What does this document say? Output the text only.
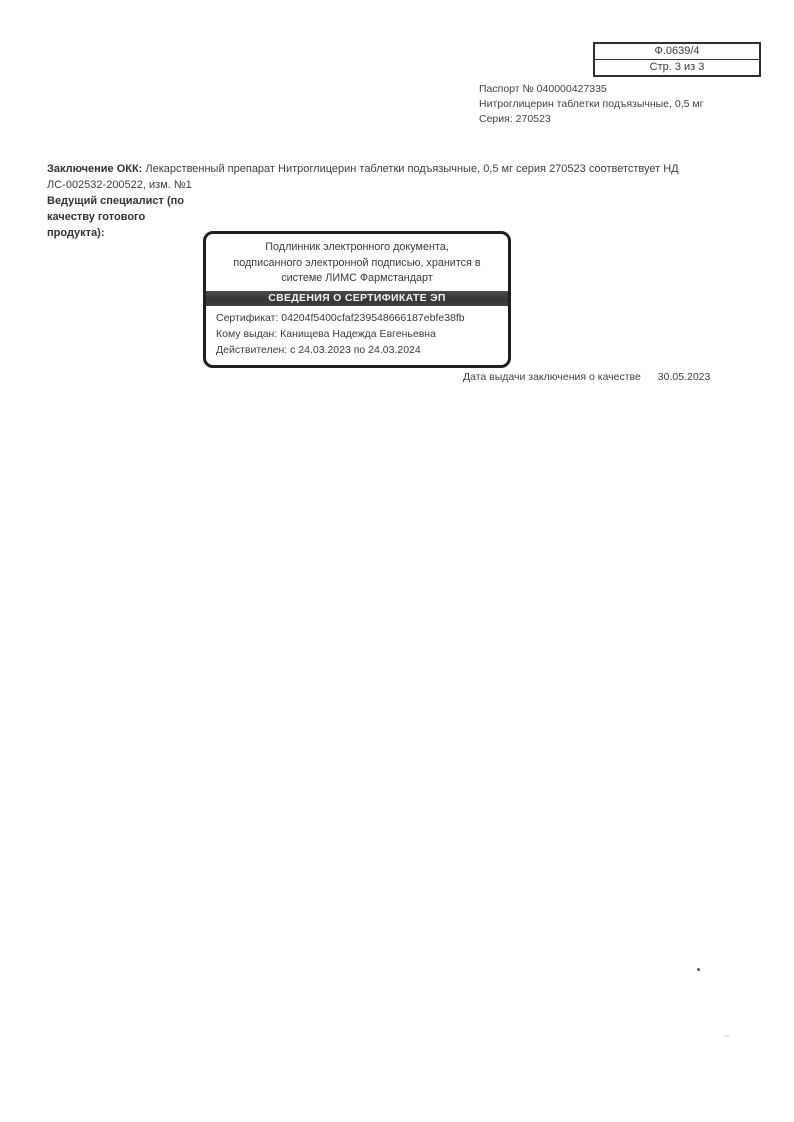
Ф.0639/4
Стр. 3 из 3
Паспорт № 040000427335
Нитроглицерин таблетки подъязычные, 0,5 мг
Серия: 270523
Заключение ОКК: Лекарственный препарат Нитроглицерин таблетки подъязычные, 0,5 мг серия 270523 соответствует НД
ЛС-002532-200522, изм. №1
Ведущий специалист (по
качеству готового
продукта):
Подлинник электронного документа,
подписанного электронной подписью, хранится в
системе ЛИМС Фармстандарт
СВЕДЕНИЯ О СЕРТИФИКАТЕ ЭП
Сертификат: 04204f5400cfaf239548666187ebfe38fb
Кому выдан: Канищева Надежда Евгеньевна
Действителен: с 24.03.2023 по 24.03.2024
Дата выдачи заключения о качестве 30.05.2023
